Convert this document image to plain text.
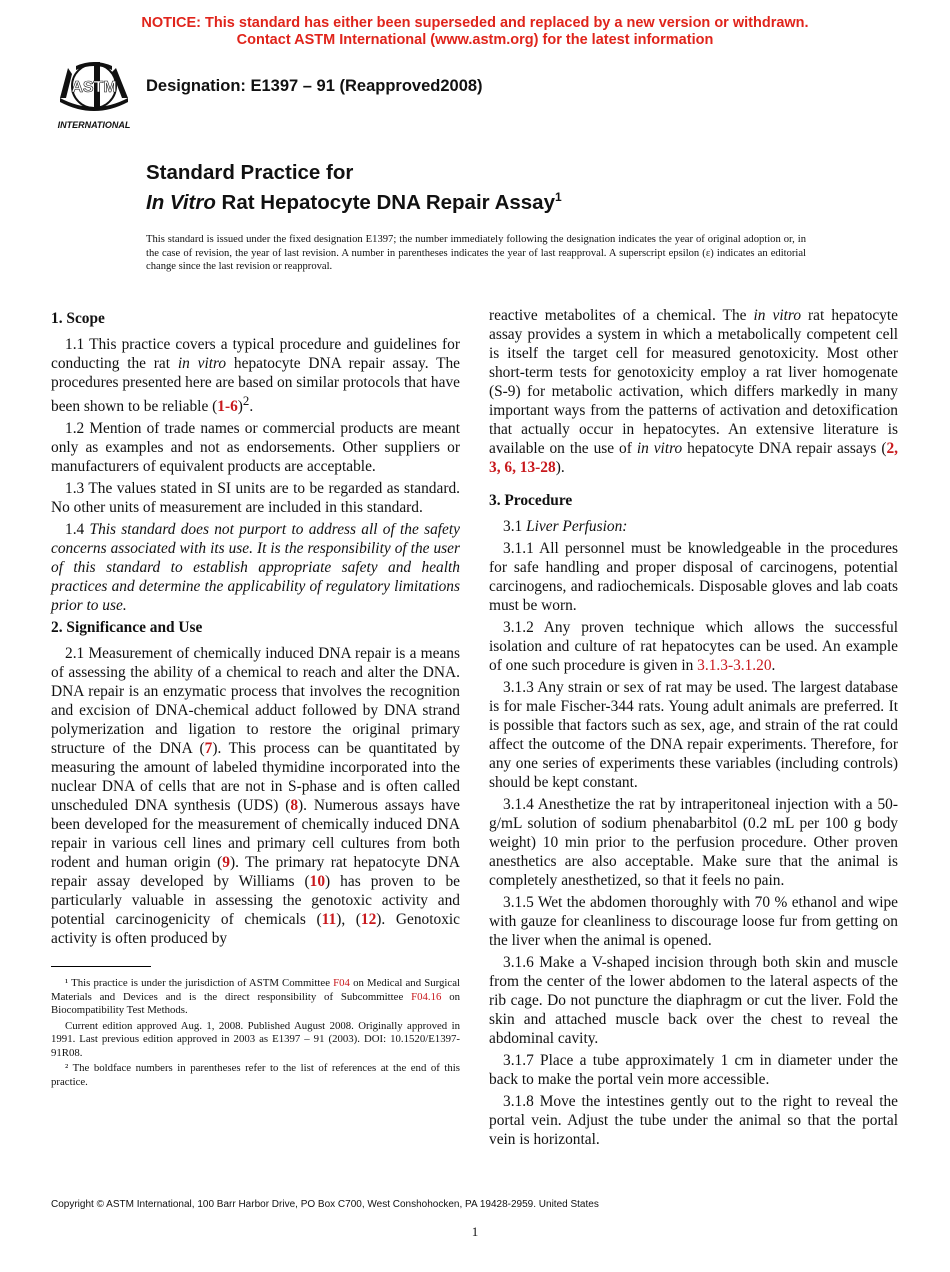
NOTICE: This standard has either been superseded and replaced by a new version or withdrawn.
Contact ASTM International (www.astm.org) for the latest information
ASTM
INTERNATIONAL
Designation: E1397 – 91 (Reapproved2008)
Standard Practice for
In Vitro Rat Hepatocyte DNA Repair Assay$^1$
This standard is issued under the fixed designation E1397; the number immediately following the designation indicates the year of original adoption or, in the case of revision, the year of last revision. A number in parentheses indicates the year of last reapproval. A superscript epsilon (ε) indicates an editorial change since the last revision or reapproval.
1. Scope

1.1 This practice covers a typical procedure and guidelines for conducting the rat in vitro hepatocyte DNA repair assay. The procedures presented here are based on similar protocols that have been shown to be reliable $(1-6)^2$.

1.2 Mention of trade names or commercial products are meant only as examples and not as endorsements. Other suppliers or manufacturers of equivalent products are acceptable.

1.3 The values stated in SI units are to be regarded as standard. No other units of measurement are included in this standard.

1.4 This standard does not purport to address all of the safety concerns associated with its use. It is the responsibility of the user of this standard to establish appropriate safety and health practices and determine the applicability of regulatory limitations prior to use.

2. Significance and Use

2.1 Measurement of chemically induced DNA repair is a means of assessing the ability of a chemical to reach and alter the DNA. DNA repair is an enzymatic process that involves the recognition and excision of DNA-chemical adduct followed by DNA strand polymerization and ligation to restore the original primary structure of the DNA (7). This process can be quantitated by measuring the amount of labeled thymidine incorporated into the nuclear DNA of cells that are not in S-phase and is often called unscheduled DNA synthesis (UDS) (8). Numerous assays have been developed for the measurement of chemically induced DNA repair in various cell lines and primary cell cultures from both rodent and human origin (9). The primary rat hepatocyte DNA repair assay developed by Williams (10) has proven to be particularly valuable in assessing the genotoxic activity and potential carcinogenicity of chemicals (11), (12). Genotoxic activity is often produced by

¹ This practice is under the jurisdiction of ASTM Committee F04 on Medical and Surgical Materials and Devices and is the direct responsibility of Subcommittee F04.16 on Biocompatibility Test Methods.

Current edition approved Aug. 1, 2008. Published August 2008. Originally approved in 1991. Last previous edition approved in 2003 as E1397 – 91 (2003). DOI: 10.1520/E1397-91R08.

² The boldface numbers in parentheses refer to the list of references at the end of this practice.

reactive metabolites of a chemical. The in vitro rat hepatocyte assay provides a system in which a metabolically competent cell is itself the target cell for measured genotoxicity. Most other short-term tests for genotoxicity employ a rat liver homogenate (S-9) for metabolic activation, which differs markedly in many important ways from the patterns of activation and detoxification that actually occur in hepatocytes. An extensive literature is available on the use of in vitro hepatocyte DNA repair assays (2, 3, 6, 13-28).

3. Procedure

3.1 Liver Perfusion:

3.1.1 All personnel must be knowledgeable in the procedures for safe handling and proper disposal of carcinogens, potential carcinogens, and radiochemicals. Disposable gloves and lab coats must be worn.

3.1.2 Any proven technique which allows the successful isolation and culture of rat hepatocytes can be used. An example of one such procedure is given in 3.1.3-3.1.20.

3.1.3 Any strain or sex of rat may be used. The largest database is for male Fischer-344 rats. Young adult animals are preferred. It is possible that factors such as sex, age, and strain of the rat could affect the outcome of the DNA repair experiments. Therefore, for any one series of experiments these variables (including controls) should be kept constant.

3.1.4 Anesthetize the rat by intraperitoneal injection with a 50-g/mL solution of sodium phenabarbitol (0.2 mL per 100 g body weight) 10 min prior to the perfusion procedure. Other proven anesthetics are also acceptable. Make sure that the animal is completely anesthetized, so that it feels no pain.

3.1.5 Wet the abdomen thoroughly with 70 % ethanol and wipe with gauze for cleanliness to discourage loose fur from getting on the liver when the animal is opened.

3.1.6 Make a V-shaped incision through both skin and muscle from the center of the lower abdomen to the lateral aspects of the rib cage. Do not puncture the diaphragm or cut the liver. Fold the skin and attached muscle back over the chest to reveal the abdominal cavity.

3.1.7 Place a tube approximately 1 cm in diameter under the back to make the portal vein more accessible.

3.1.8 Move the intestines gently out to the right to reveal the portal vein. Adjust the tube under the animal so that the portal vein is horizontal.

Copyright © ASTM International, 100 Barr Harbor Drive, PO Box C700, West Conshohocken, PA 19428-2959. United States
1
